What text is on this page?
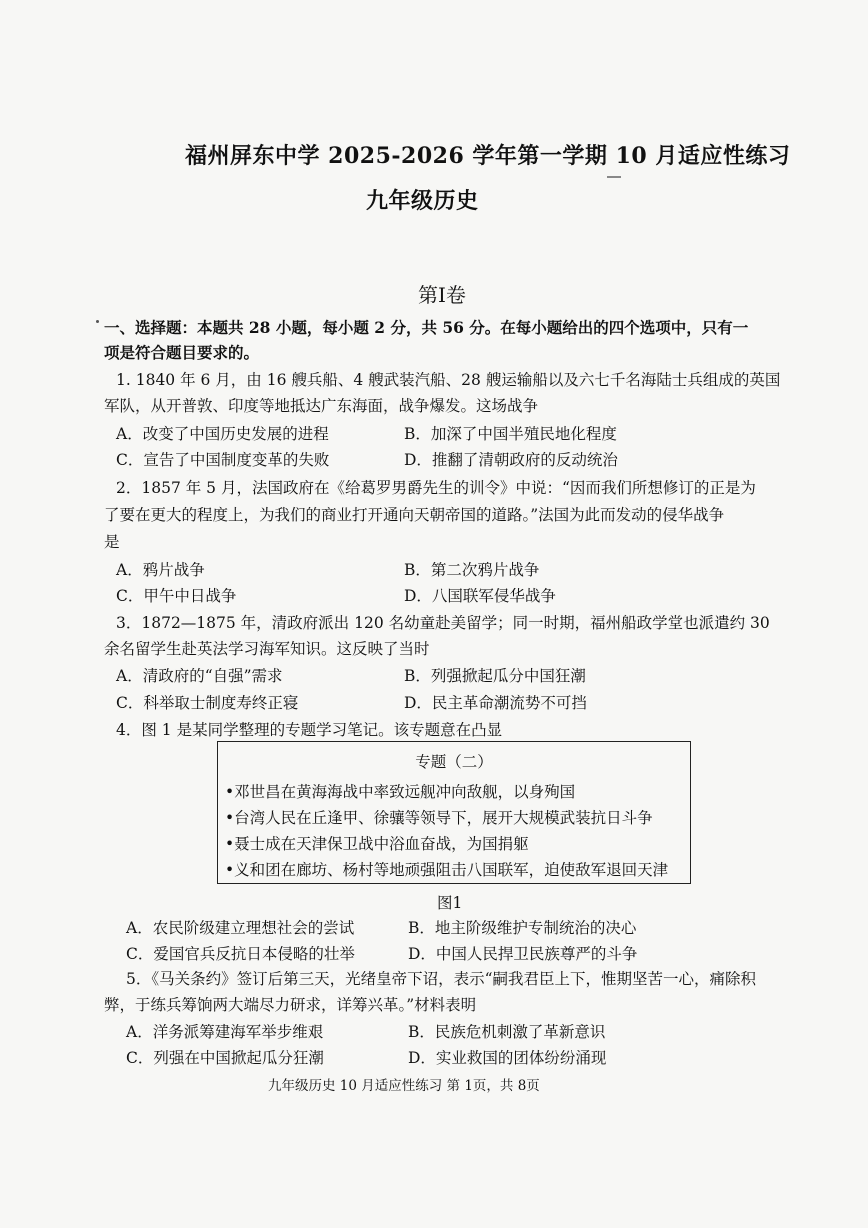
福州屏东中学 2025-2026 学年第一学期 10 月适应性练习
九年级历史
第Ⅰ卷
一、选择题：本题共 28 小题，每小题 2 分，共 56 分。在每小题给出的四个选项中，只有一
项是符合题目要求的。
1. 1840 年 6 月，由 16 艘兵船、4 艘武装汽船、28 艘运输船以及六七千名海陆士兵组成的英国
军队，从开普敦、印度等地抵达广东海面，战争爆发。这场战争
A．改变了中国历史发展的进程	B．加深了中国半殖民地化程度
C．宣告了中国制度变革的失败	D．推翻了清朝政府的反动统治
2．1857 年 5 月，法国政府在《给葛罗男爵先生的训令》中说：“因而我们所想修订的正是为
了要在更大的程度上，为我们的商业打开通向天朝帝国的道路。”法国为此而发动的侵华战争
是
A．鸦片战争	B．第二次鸦片战争
C．甲午中日战争	D．八国联军侵华战争
3．1872—1875 年，清政府派出 120 名幼童赴美留学；同一时期，福州船政学堂也派遣约 30
余名留学生赴英法学习海军知识。这反映了当时
A．清政府的“自强”需求	B．列强掀起瓜分中国狂潮
C．科举取士制度寿终正寝	D．民主革命潮流势不可挡
4．图 1 是某同学整理的专题学习笔记。该专题意在凸显
专题（二）
•邓世昌在黄海海战中率致远舰冲向敌舰，以身殉国
•台湾人民在丘逢甲、徐骧等领导下，展开大规模武装抗日斗争
•聂士成在天津保卫战中浴血奋战，为国捐躯
•义和团在廊坊、杨村等地顽强阻击八国联军，迫使敌军退回天津
图1
A．农民阶级建立理想社会的尝试	B．地主阶级维护专制统治的决心
C．爱国官兵反抗日本侵略的壮举	D．中国人民捍卫民族尊严的斗争
5．《马关条约》签订后第三天，光绪皇帝下诏，表示“嗣我君臣上下，惟期坚苦一心，痛除积
弊，于练兵筹饷两大端尽力研求，详筹兴革。”材料表明
A．洋务派筹建海军举步维艰	B．民族危机刺激了革新意识
C．列强在中国掀起瓜分狂潮	D．实业救国的团体纷纷涌现
九年级历史 10 月适应性练习 第 1页，共 8页
